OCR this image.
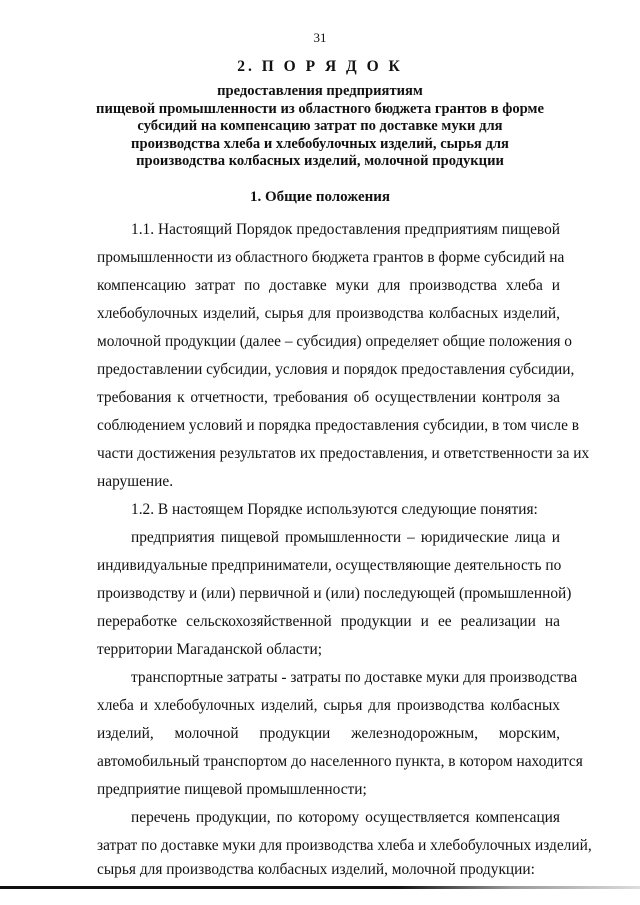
31
2. П О Р Я Д О К
предоставления предприятиям
пищевой промышленности из областного бюджета грантов в форме
субсидий на компенсацию затрат по доставке муки для
производства хлеба и хлебобулочных изделий, сырья для
производства колбасных изделий, молочной продукции
1. Общие положения
1.1. Настоящий Порядок предоставления предприятиям пищевой
промышленности из областного бюджета грантов в форме субсидий на
компенсацию затрат по доставке муки для производства хлеба и
хлебобулочных изделий, сырья для производства колбасных изделий,
молочной продукции (далее – субсидия) определяет общие положения о
предоставлении субсидии, условия и порядок предоставления субсидии,
требования к отчетности, требования об осуществлении контроля за
соблюдением условий и порядка предоставления субсидии, в том числе в
части достижения результатов их предоставления, и ответственности за их
нарушение.
1.2. В настоящем Порядке используются следующие понятия:
предприятия пищевой промышленности – юридические лица и
индивидуальные предприниматели, осуществляющие деятельность по
производству и (или) первичной и (или) последующей (промышленной)
переработке сельскохозяйственной продукции и ее реализации на
территории Магаданской области;
транспортные затраты - затраты по доставке муки для производства
хлеба и хлебобулочных изделий, сырья для производства колбасных
изделий, молочной продукции железнодорожным, морским,
автомобильный транспортом до населенного пункта, в котором находится
предприятие пищевой промышленности;
перечень продукции, по которому осуществляется компенсация
затрат по доставке муки для производства хлеба и хлебобулочных изделий,
сырья для производства колбасных изделий, молочной продукции:
